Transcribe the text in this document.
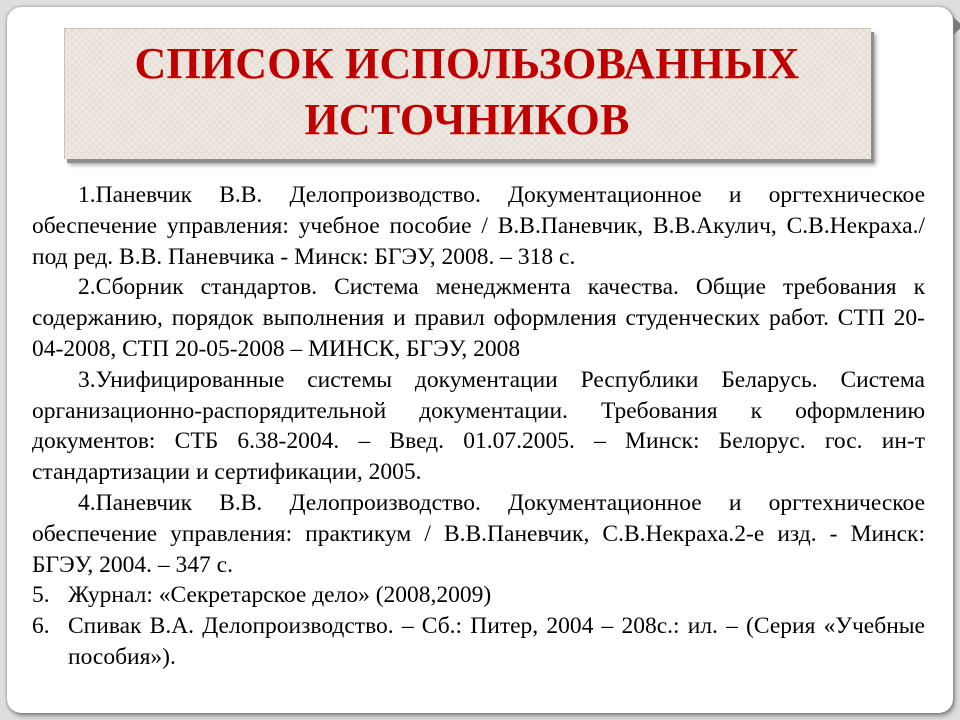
СПИСОК ИСПОЛЬЗОВАННЫХ
ИСТОЧНИКОВ

1.Паневчик В.В. Делопроизводство. Документационное и оргтехническое обеспечение управления: учебное пособие / В.В.Паневчик, В.В.Акулич, С.В.Некраха./ под ред. В.В. Паневчика - Минск: БГЭУ, 2008. – 318 с.

2.Сборник стандартов. Система менеджмента качества. Общие требования к содержанию, порядок выполнения и правил оформления студенческих работ. СТП 20-04-2008, СТП 20-05-2008 – МИНСК, БГЭУ, 2008

3.Унифицированные системы документации Республики Беларусь. Система организационно-распорядительной документации. Требования к оформлению документов: СТБ 6.38-2004. – Введ. 01.07.2005. – Минск: Белорус. гос. ин-т стандартизации и сертификации, 2005.

4.Паневчик В.В. Делопроизводство. Документационное и оргтехническое обеспечение управления: практикум / В.В.Паневчик, С.В.Некраха.2-е изд. - Минск: БГЭУ, 2004. – 347 с.

5. Журнал: «Секретарское дело» (2008,2009)
6. Спивак В.А. Делопроизводство. – Сб.: Питер, 2004 – 208с.: ил. – (Серия «Учебные пособия»).
